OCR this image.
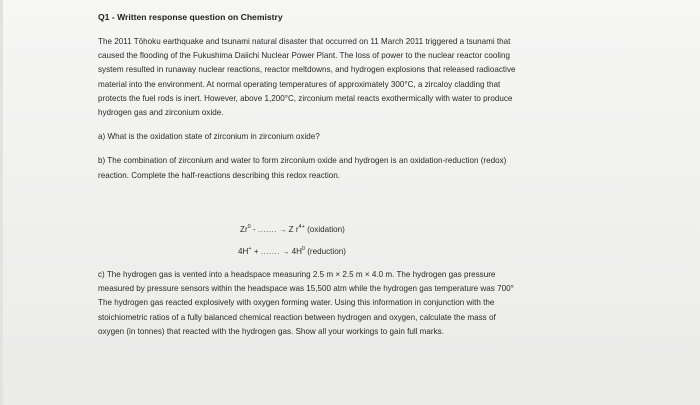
Q1 - Written response question on Chemistry

The 2011 Tōhoku earthquake and tsunami natural disaster that occurred on 11 March 2011 triggered a tsunami that caused the flooding of the Fukushima Daiichi Nuclear Power Plant. The loss of power to the nuclear reactor cooling system resulted in runaway nuclear reactions, reactor meltdowns, and hydrogen explosions that released radioactive material into the environment. At normal operating temperatures of approximately 300°C, a zircaloy cladding that protects the fuel rods is inert. However, above 1,200°C, zirconium metal reacts exothermically with water to produce hydrogen gas and zirconium oxide.

a) What is the oxidation state of zirconium in zirconium oxide?

b) The combination of zirconium and water to form zirconium oxide and hydrogen is an oxidation-reduction (redox) reaction. Complete the half-reactions describing this redox reaction.

Zr$^0$ - ....... → Z $r^{4+}$ (oxidation)
4H+ + ....... → $4H^0$ (reduction)

c) The hydrogen gas is vented into a headspace measuring 2.5 m × 2.5 m × 4.0 m. The hydrogen gas pressure measured by pressure sensors within the headspace was 15,500 atm while the hydrogen gas temperature was 700° The hydrogen gas reacted explosively with oxygen forming water. Using this information in conjunction with the stoichiometric ratios of a fully balanced chemical reaction between hydrogen and oxygen, calculate the mass of oxygen (in tonnes) that reacted with the hydrogen gas. Show all your workings to gain full marks.
